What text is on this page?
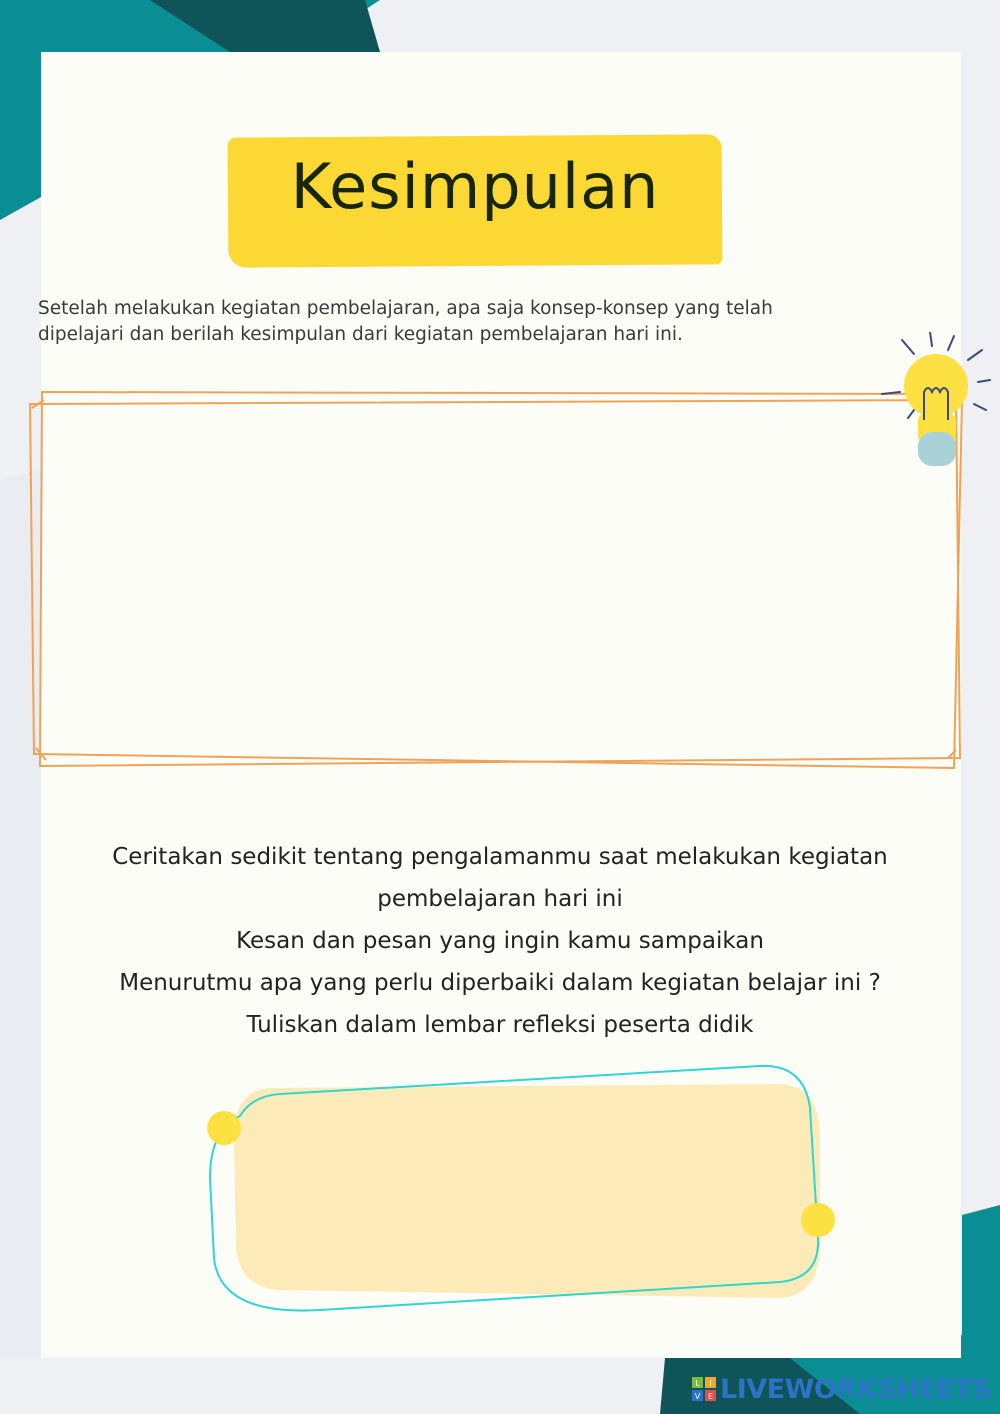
Kesimpulan
Setelah melakukan kegiatan pembelajaran, apa saja konsep-konsep yang telah
dipelajari dan berilah kesimpulan dari kegiatan pembelajaran hari ini.
Ceritakan sedikit tentang pengalamanmu saat melakukan kegiatan
pembelajaran hari ini
Kesan dan pesan yang ingin kamu sampaikan
Menurutmu apa yang perlu diperbaiki dalam kegiatan belajar ini ?
Tuliskan dalam lembar refleksi peserta didik
L I
V E LIVEWORKSHEETS
